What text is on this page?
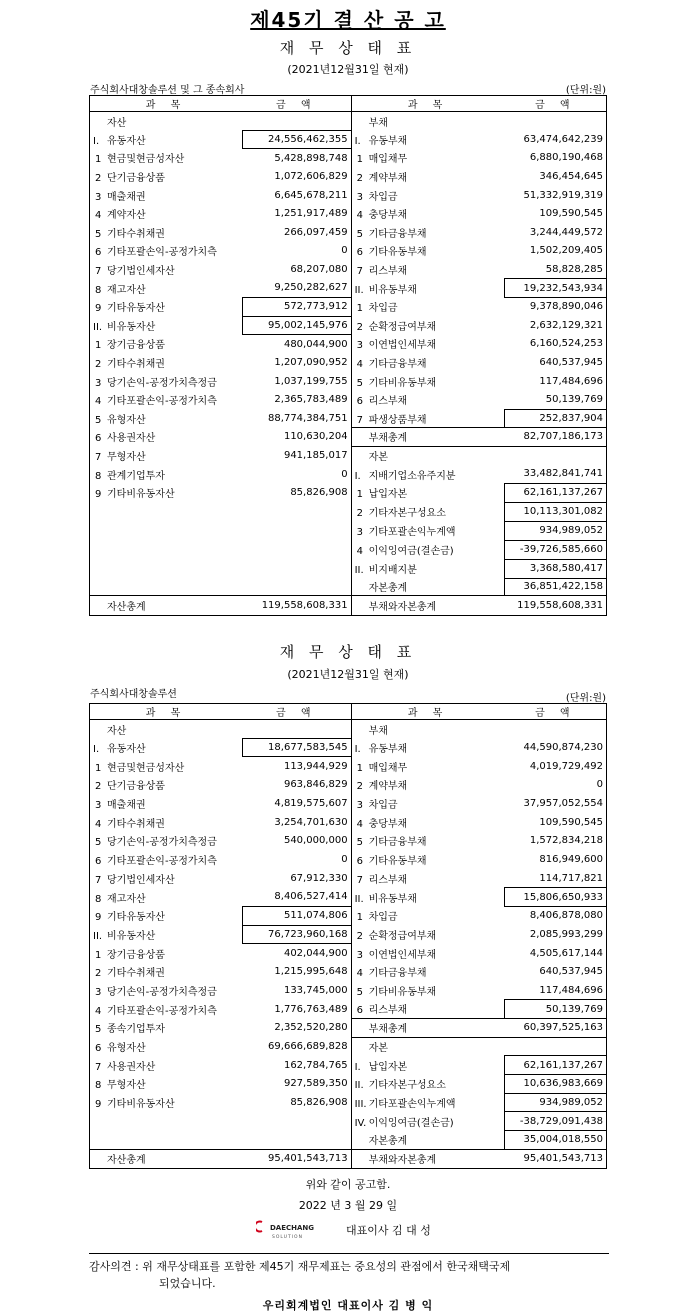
제45기 결 산 공 고
재 무 상 태 표
(2021년12월31일 현재)
주식회사대창솔루션 및 그 종속회사	(단위:원)
과 목	금 액	과 목	금 액
자산		부채	
I. 유동자산	24,556,462,355	I. 유동부채	63,474,642,239
1 현금및현금성자산	5,428,898,748	1 매입채무	6,880,190,468
2 단기금융상품	1,072,606,829	2 계약부채	346,454,645
3 매출채권	6,645,678,211	3 차입금	51,332,919,319
4 계약자산	1,251,917,489	4 충당부채	109,590,545
5 기타수취채권	266,097,459	5 기타금융부채	3,244,449,572
6 기타포괄손익-공정가치측	0	6 기타유동부채	1,502,209,405
7 당기법인세자산	68,207,080	7 리스부채	58,828,285
8 재고자산	9,250,282,627	II. 비유동부채	19,232,543,934
9 기타유동자산	572,773,912	1 차입금	9,378,890,046
II. 비유동자산	95,002,145,976	2 순확정급여부채	2,632,129,321
1 장기금융상품	480,044,900	3 이연법인세부채	6,160,524,253
2 기타수취채권	1,207,090,952	4 기타금융부채	640,537,945
3 당기손익-공정가치측정금	1,037,199,755	5 기타비유동부채	117,484,696
4 기타포괄손익-공정가치측	2,365,783,489	6 리스부채	50,139,769
5 유형자산	88,774,384,751	7 파생상품부채	252,837,904
6 사용권자산	110,630,204	부채총계	82,707,186,173
7 무형자산	941,185,017	자본	
8 관계기업투자	0	I. 지배기업소유주지분	33,482,841,741
9 기타비유동자산	85,826,908	1 납입자본	62,161,137,267
		2 기타자본구성요소	10,113,301,082
		3 기타포괄손익누계액	934,989,052
		4 이익잉여금(결손금)	-39,726,585,660
		II. 비지배지분	3,368,580,417
		자본총계	36,851,422,158
자산총계	119,558,608,331	부채와자본총계	119,558,608,331
재 무 상 태 표
(2021년12월31일 현재)
주식회사대창솔루션	(단위:원)
과 목	금 액	과 목	금 액
자산		부채	
I. 유동자산	18,677,583,545	I. 유동부채	44,590,874,230
1 현금및현금성자산	113,944,929	1 매입채무	4,019,729,492
2 단기금융상품	963,846,829	2 계약부채	0
3 매출채권	4,819,575,607	3 차입금	37,957,052,554
4 기타수취채권	3,254,701,630	4 충당부채	109,590,545
5 당기손익-공정가치측정금	540,000,000	5 기타금융부채	1,572,834,218
6 기타포괄손익-공정가치측	0	6 기타유동부채	816,949,600
7 당기법인세자산	67,912,330	7 리스부채	114,717,821
8 재고자산	8,406,527,414	II. 비유동부채	15,806,650,933
9 기타유동자산	511,074,806	1 차입금	8,406,878,080
II. 비유동자산	76,723,960,168	2 순확정급여부채	2,085,993,299
1 장기금융상품	402,044,900	3 이연법인세부채	4,505,617,144
2 기타수취채권	1,215,995,648	4 기타금융부채	640,537,945
3 당기손익-공정가치측정금	133,745,000	5 기타비유동부채	117,484,696
4 기타포괄손익-공정가치측	1,776,763,489	6 리스부채	50,139,769
5 종속기업투자	2,352,520,280	부채총계	60,397,525,163
6 유형자산	69,666,689,828	자본	
7 사용권자산	162,784,765	I. 납입자본	62,161,137,267
8 무형자산	927,589,350	II. 기타자본구성요소	10,636,983,669
9 기타비유동자산	85,826,908	III. 기타포괄손익누계액	934,989,052
		IV. 이익잉여금(결손금)	-38,729,091,438
		자본총계	35,004,018,550
자산총계	95,401,543,713	부채와자본총계	95,401,543,713
위와 같이 공고함.
2022 년 3 월 29 일
DAECHANG
SOLUTION
대표이사 김 대 성
감사의견 : 위 재무상태표를 포함한 제45기 재무제표는 중요성의 관점에서 한국채택국제
되었습니다.
우리회계법인 대표이사 김 병 익
